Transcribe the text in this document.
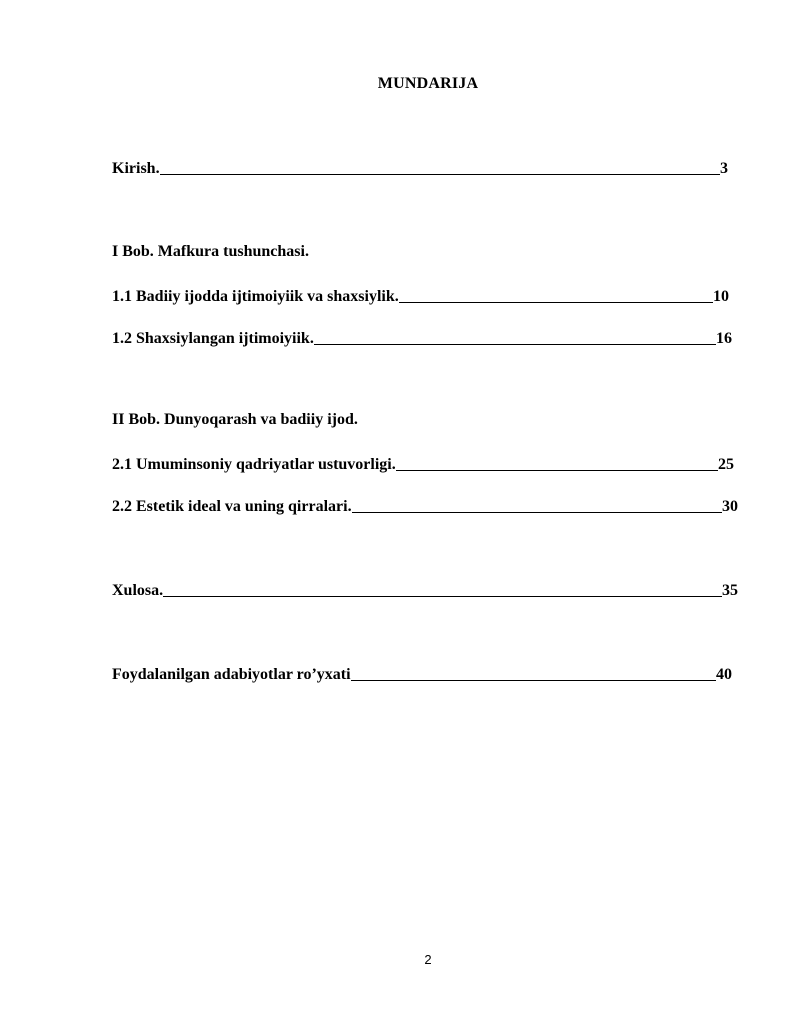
MUNDARIJA
Kirish.	3
I Bob. Mafkura tushunchasi.
1.1 Badiiy ijodda ijtimoiyiik va shaxsiylik.	10
1.2 Shaxsiylangan ijtimoiyiik.	16
II Bob. Dunyoqarash va badiiy ijod.
2.1 Umuminsoniy qadriyatlar ustuvorligi.	25
2.2 Estetik ideal va uning qirralari.	30
Xulosa.	35
Foydalanilgan adabiyotlar ro’yxati	40
2
